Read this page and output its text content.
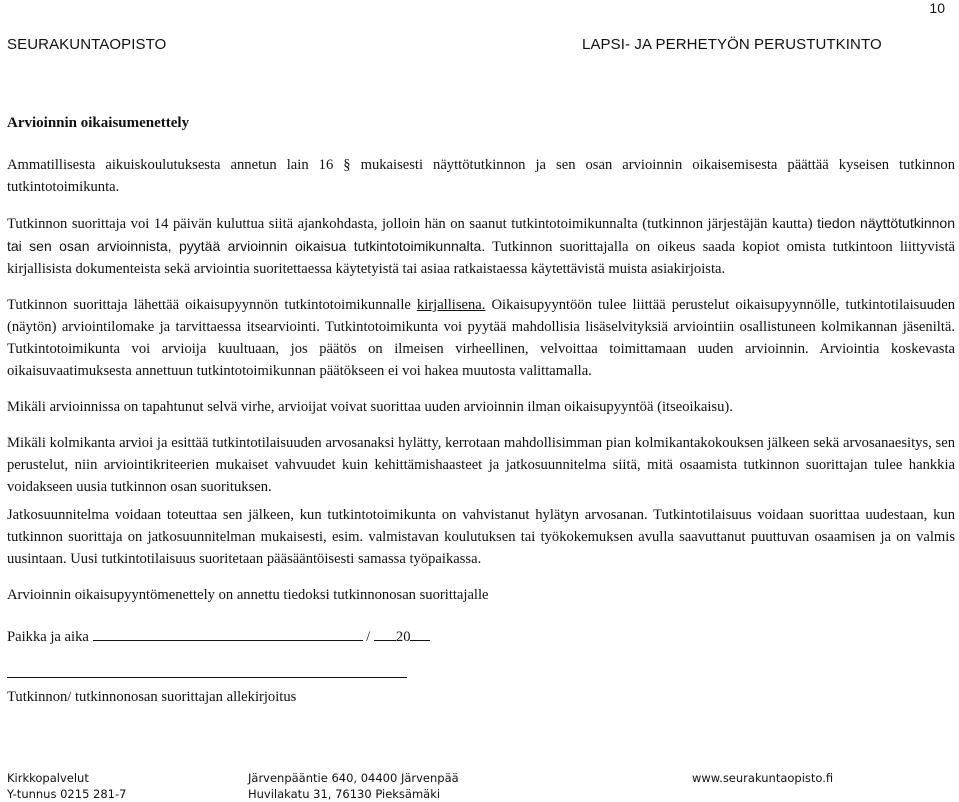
10
SEURAKUNTAOPISTO	LAPSI- JA PERHETYÖN PERUSTUTKINTO

Arvioinnin oikaisumenettely

Ammatillisesta aikuiskoulutuksesta annetun lain 16 § mukaisesti näyttötutkinnon ja sen osan arvioinnin oikaisemisesta päättää kyseisen tutkinnon tutkintotoimikunta.

Tutkinnon suorittaja voi 14 päivän kuluttua siitä ajankohdasta, jolloin hän on saanut tutkintotoimikunnalta (tutkinnon järjestäjän kautta) tiedon näyttötutkinnon tai sen osan arvioinnista, pyytää arvioinnin oikaisua tutkintotoimikunnalta. Tutkinnon suorittajalla on oikeus saada kopiot omista tutkintoon liittyvistä kirjallisista dokumenteista sekä arviointia suoritettaessa käytetyistä tai asiaa ratkaistaessa käytettävistä muista asiakirjoista.

Tutkinnon suorittaja lähettää oikaisupyynnön tutkintotoimikunnalle kirjallisena. Oikaisupyyntöön tulee liittää perustelut oikaisupyynnölle, tutkintotilaisuuden (näytön) arviointilomake ja tarvittaessa itsearviointi. Tutkintotoimikunta voi pyytää mahdollisia lisäselvityksiä arviointiin osallistuneen kolmikannan jäseniltä. Tutkintotoimikunta voi arvioija kuultuaan, jos päätös on ilmeisen virheellinen, velvoittaa toimittamaan uuden arvioinnin. Arviointia koskevasta oikaisuvaatimuksesta annettuun tutkintotoimikunnan päätökseen ei voi hakea muutosta valittamalla.

Mikäli arvioinnissa on tapahtunut selvä virhe, arvioijat voivat suorittaa uuden arvioinnin ilman oikaisupyyntöä (itseoikaisu).

Mikäli kolmikanta arvioi ja esittää tutkintotilaisuuden arvosanaksi hylätty, kerrotaan mahdollisimman pian kolmikantakokouksen jälkeen sekä arvosanaesitys, sen perustelut, niin arviointikriteerien mukaiset vahvuudet kuin kehittämishaasteet ja jatkosuunnitelma siitä, mitä osaamista tutkinnon suorittajan tulee hankkia voidakseen uusia tutkinnon osan suorituksen.

Jatkosuunnitelma voidaan toteuttaa sen jälkeen, kun tutkintotoimikunta on vahvistanut hylätyn arvosanan. Tutkintotilaisuus voidaan suorittaa uudestaan, kun tutkinnon suorittaja on jatkosuunnitelman mukaisesti, esim. valmistavan koulutuksen tai työkokemuksen avulla saavuttanut puuttuvan osaamisen ja on valmis uusintaan. Uusi tutkintotilaisuus suoritetaan pääsääntöisesti samassa työpaikassa.

Arvioinnin oikaisupyyntömenettely on annettu tiedoksi tutkinnonosan suorittajalle

Paikka ja aika	/ 20

Tutkinnon/ tutkinnonosan suorittajan allekirjoitus

Kirkkopalvelut
Y-tunnus 0215 281-7
Järvenpääntie 640, 04400 Järvenpää
Huvilakatu 31, 76130 Pieksämäki
www.seurakuntaopisto.fi
